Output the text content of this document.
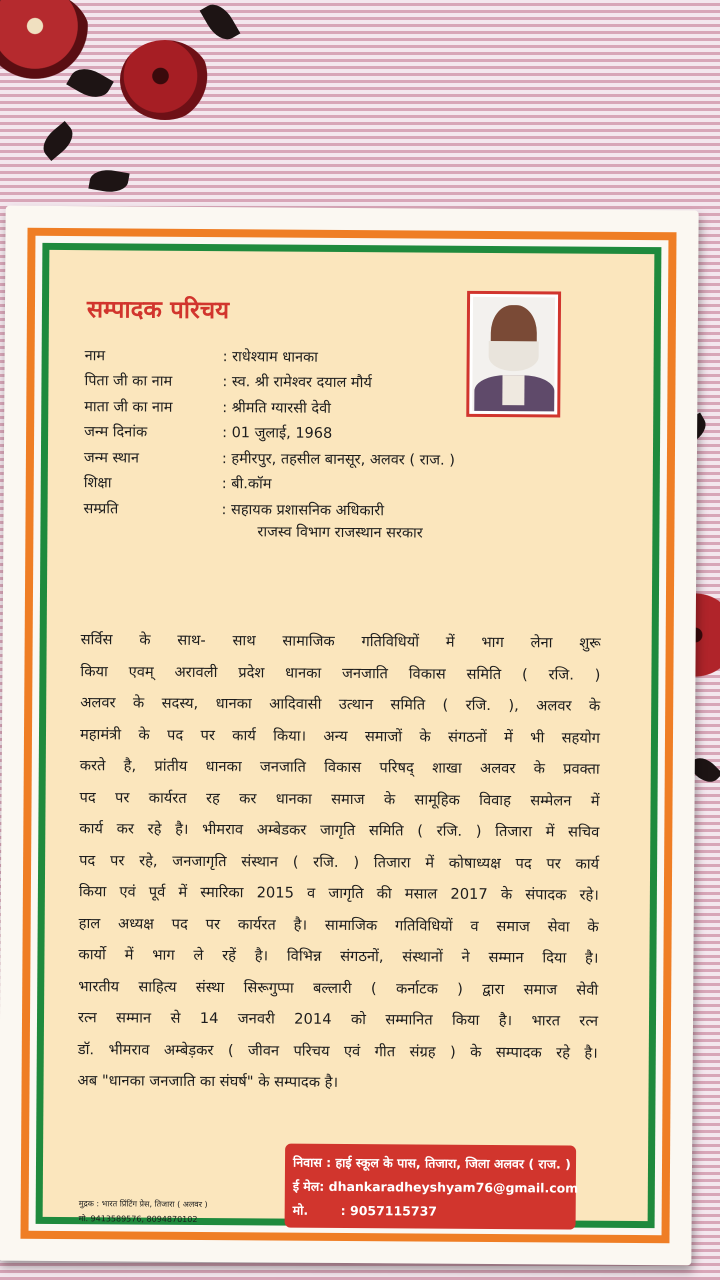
सम्पादक परिचय
नाम	: राधेश्याम धानका
पिता जी का नाम	: स्व. श्री रामेश्वर दयाल मौर्य
माता जी का नाम	: श्रीमति ग्यारसी देवी
जन्म दिनांक	: 01 जुलाई, 1968
जन्म स्थान	: हमीरपुर, तहसील बानसूर, अलवर ( राज. )
शिक्षा	: बी.कॉम
सम्प्रति	: सहायक प्रशासनिक अधिकारी
राजस्व विभाग राजस्थान सरकार

सर्विस के साथ- साथ सामाजिक गतिविधियों में भाग लेना शुरू
किया एवम् अरावली प्रदेश धानका जनजाति विकास समिति ( रजि. )
अलवर के सदस्य, धानका आदिवासी उत्थान समिति ( रजि. ), अलवर के
महामंत्री के पद पर कार्य किया। अन्य समाजों के संगठनों में भी सहयोग
करते है, प्रांतीय धानका जनजाति विकास परिषद् शाखा अलवर के प्रवक्ता
पद पर कार्यरत रह कर धानका समाज के सामूहिक विवाह सम्मेलन में
कार्य कर रहे है। भीमराव अम्बेडकर जागृति समिति ( रजि. ) तिजारा में सचिव
पद पर रहे, जनजागृति संस्थान ( रजि. ) तिजारा में कोषाध्यक्ष पद पर कार्य
किया एवं पूर्व में स्मारिका 2015 व जागृति की मसाल 2017 के संपादक रहे।
हाल अध्यक्ष पद पर कार्यरत है। सामाजिक गतिविधियों व समाज सेवा के
कार्यो में भाग ले रहें है। विभिन्न संगठनों, संस्थानों ने सम्मान दिया है।
भारतीय साहित्य संस्था सिरूगुप्पा बल्लारी ( कर्नाटक ) द्वारा समाज सेवी
रत्न सम्मान से 14 जनवरी 2014 को सम्मानित किया है। भारत रत्न
डॉ. भीमराव अम्बेड़कर ( जीवन परिचय एवं गीत संग्रह ) के सम्पादक रहे है।
अब "धानका जनजाति का संघर्ष" के सम्पादक है।

मुद्रक : भारत प्रिंटिंग प्रेस, तिजारा ( अलवर )
मो. 9413589576, 8094870102
निवास :
हाई स्कूल के पास, तिजारा, जिला अलवर ( राज. )
ई मेल : dhankaradheyshyam76@gmail.com
मो.	: 9057115737
